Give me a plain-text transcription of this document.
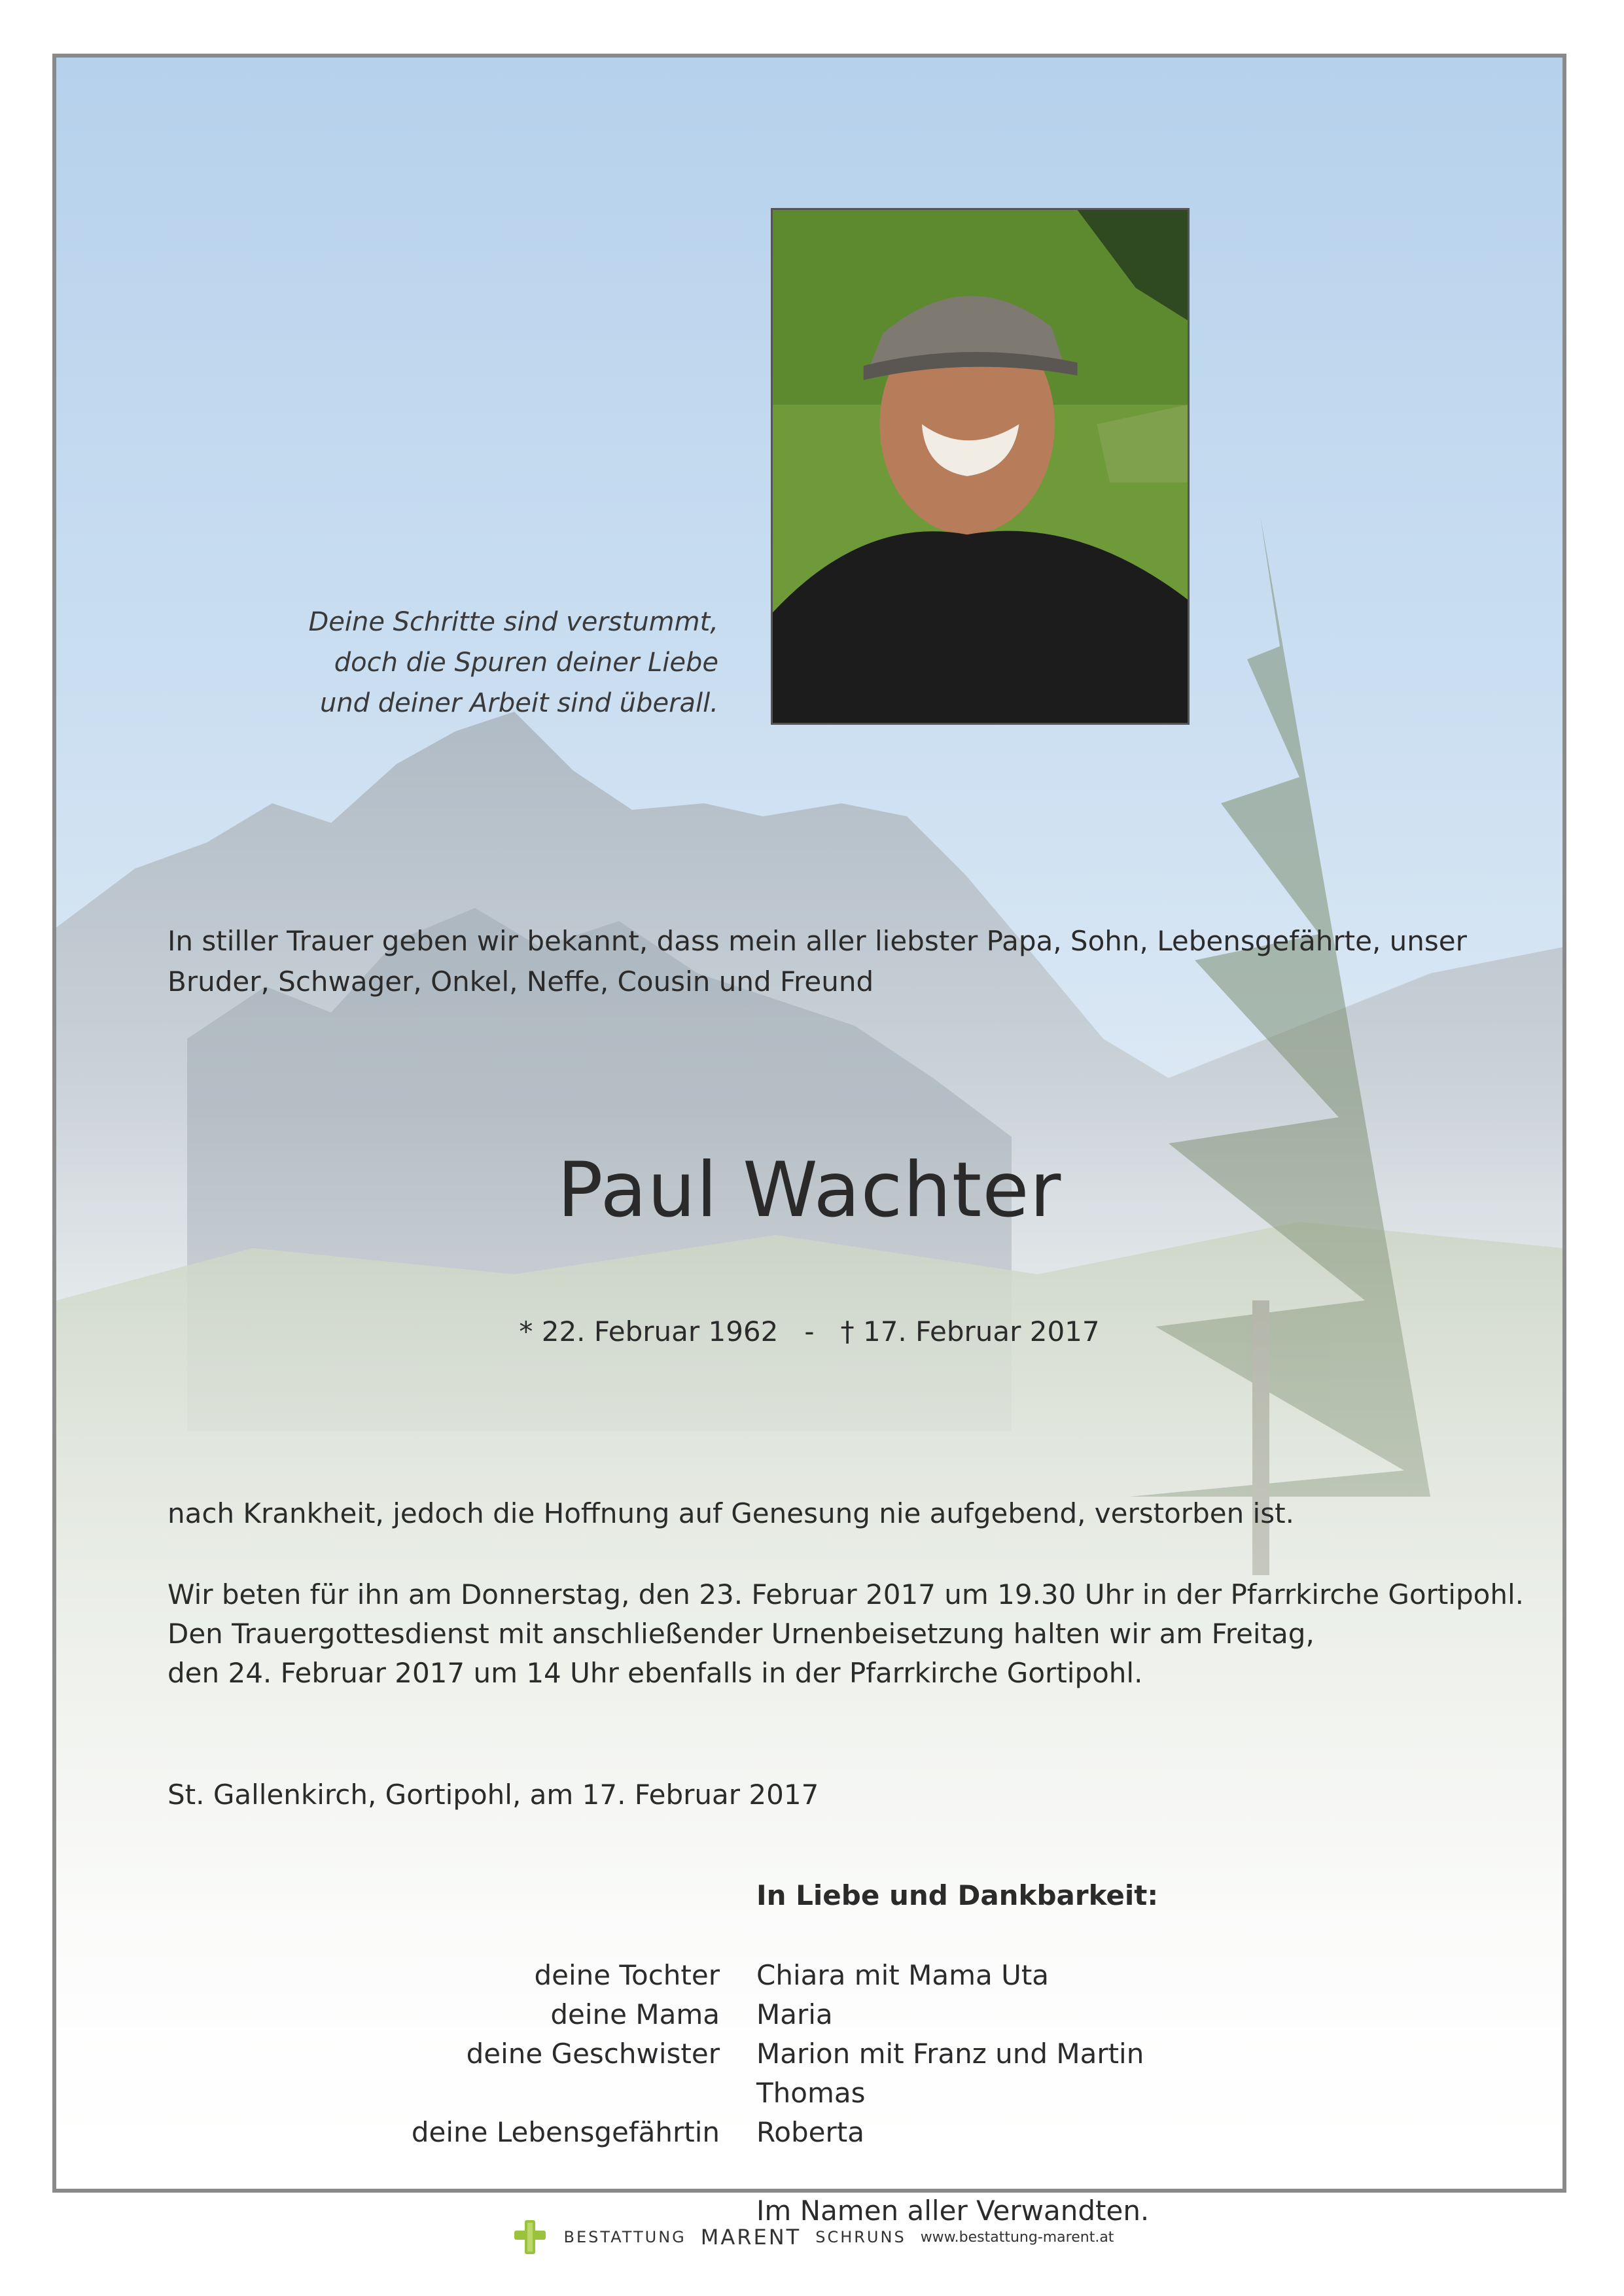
Deine Schritte sind verstummt,
doch die Spuren deiner Liebe
und deiner Arbeit sind überall.

In stiller Trauer geben wir bekannt, dass mein aller liebster Papa, Sohn, Lebensgefährte, unser Bruder, Schwager, Onkel, Neffe, Cousin und Freund

Paul Wachter
* 22. Februar 1962   -   † 17. Februar 2017
nach Krankheit, jedoch die Hoffnung auf Genesung nie aufgebend, verstorben ist.
Wir beten für ihn am Donnerstag, den 23. Februar 2017 um 19.30 Uhr in der Pfarrkirche Gortipohl.
Den Trauergottesdienst mit anschließender Urnenbeisetzung halten wir am Freitag,
den 24. Februar 2017 um 14 Uhr ebenfalls in der Pfarrkirche Gortipohl.
St. Gallenkirch, Gortipohl, am 17. Februar 2017
In Liebe und Dankbarkeit:
deine Tochter Chiara mit Mama Uta
deine Mama Maria
deine Geschwister Marion mit Franz und Martin
Thomas
deine Lebensgefährtin Roberta
Im Namen aller Verwandten.
BESTATTUNG MARENT SCHRUNS www.bestattung-marent.at
